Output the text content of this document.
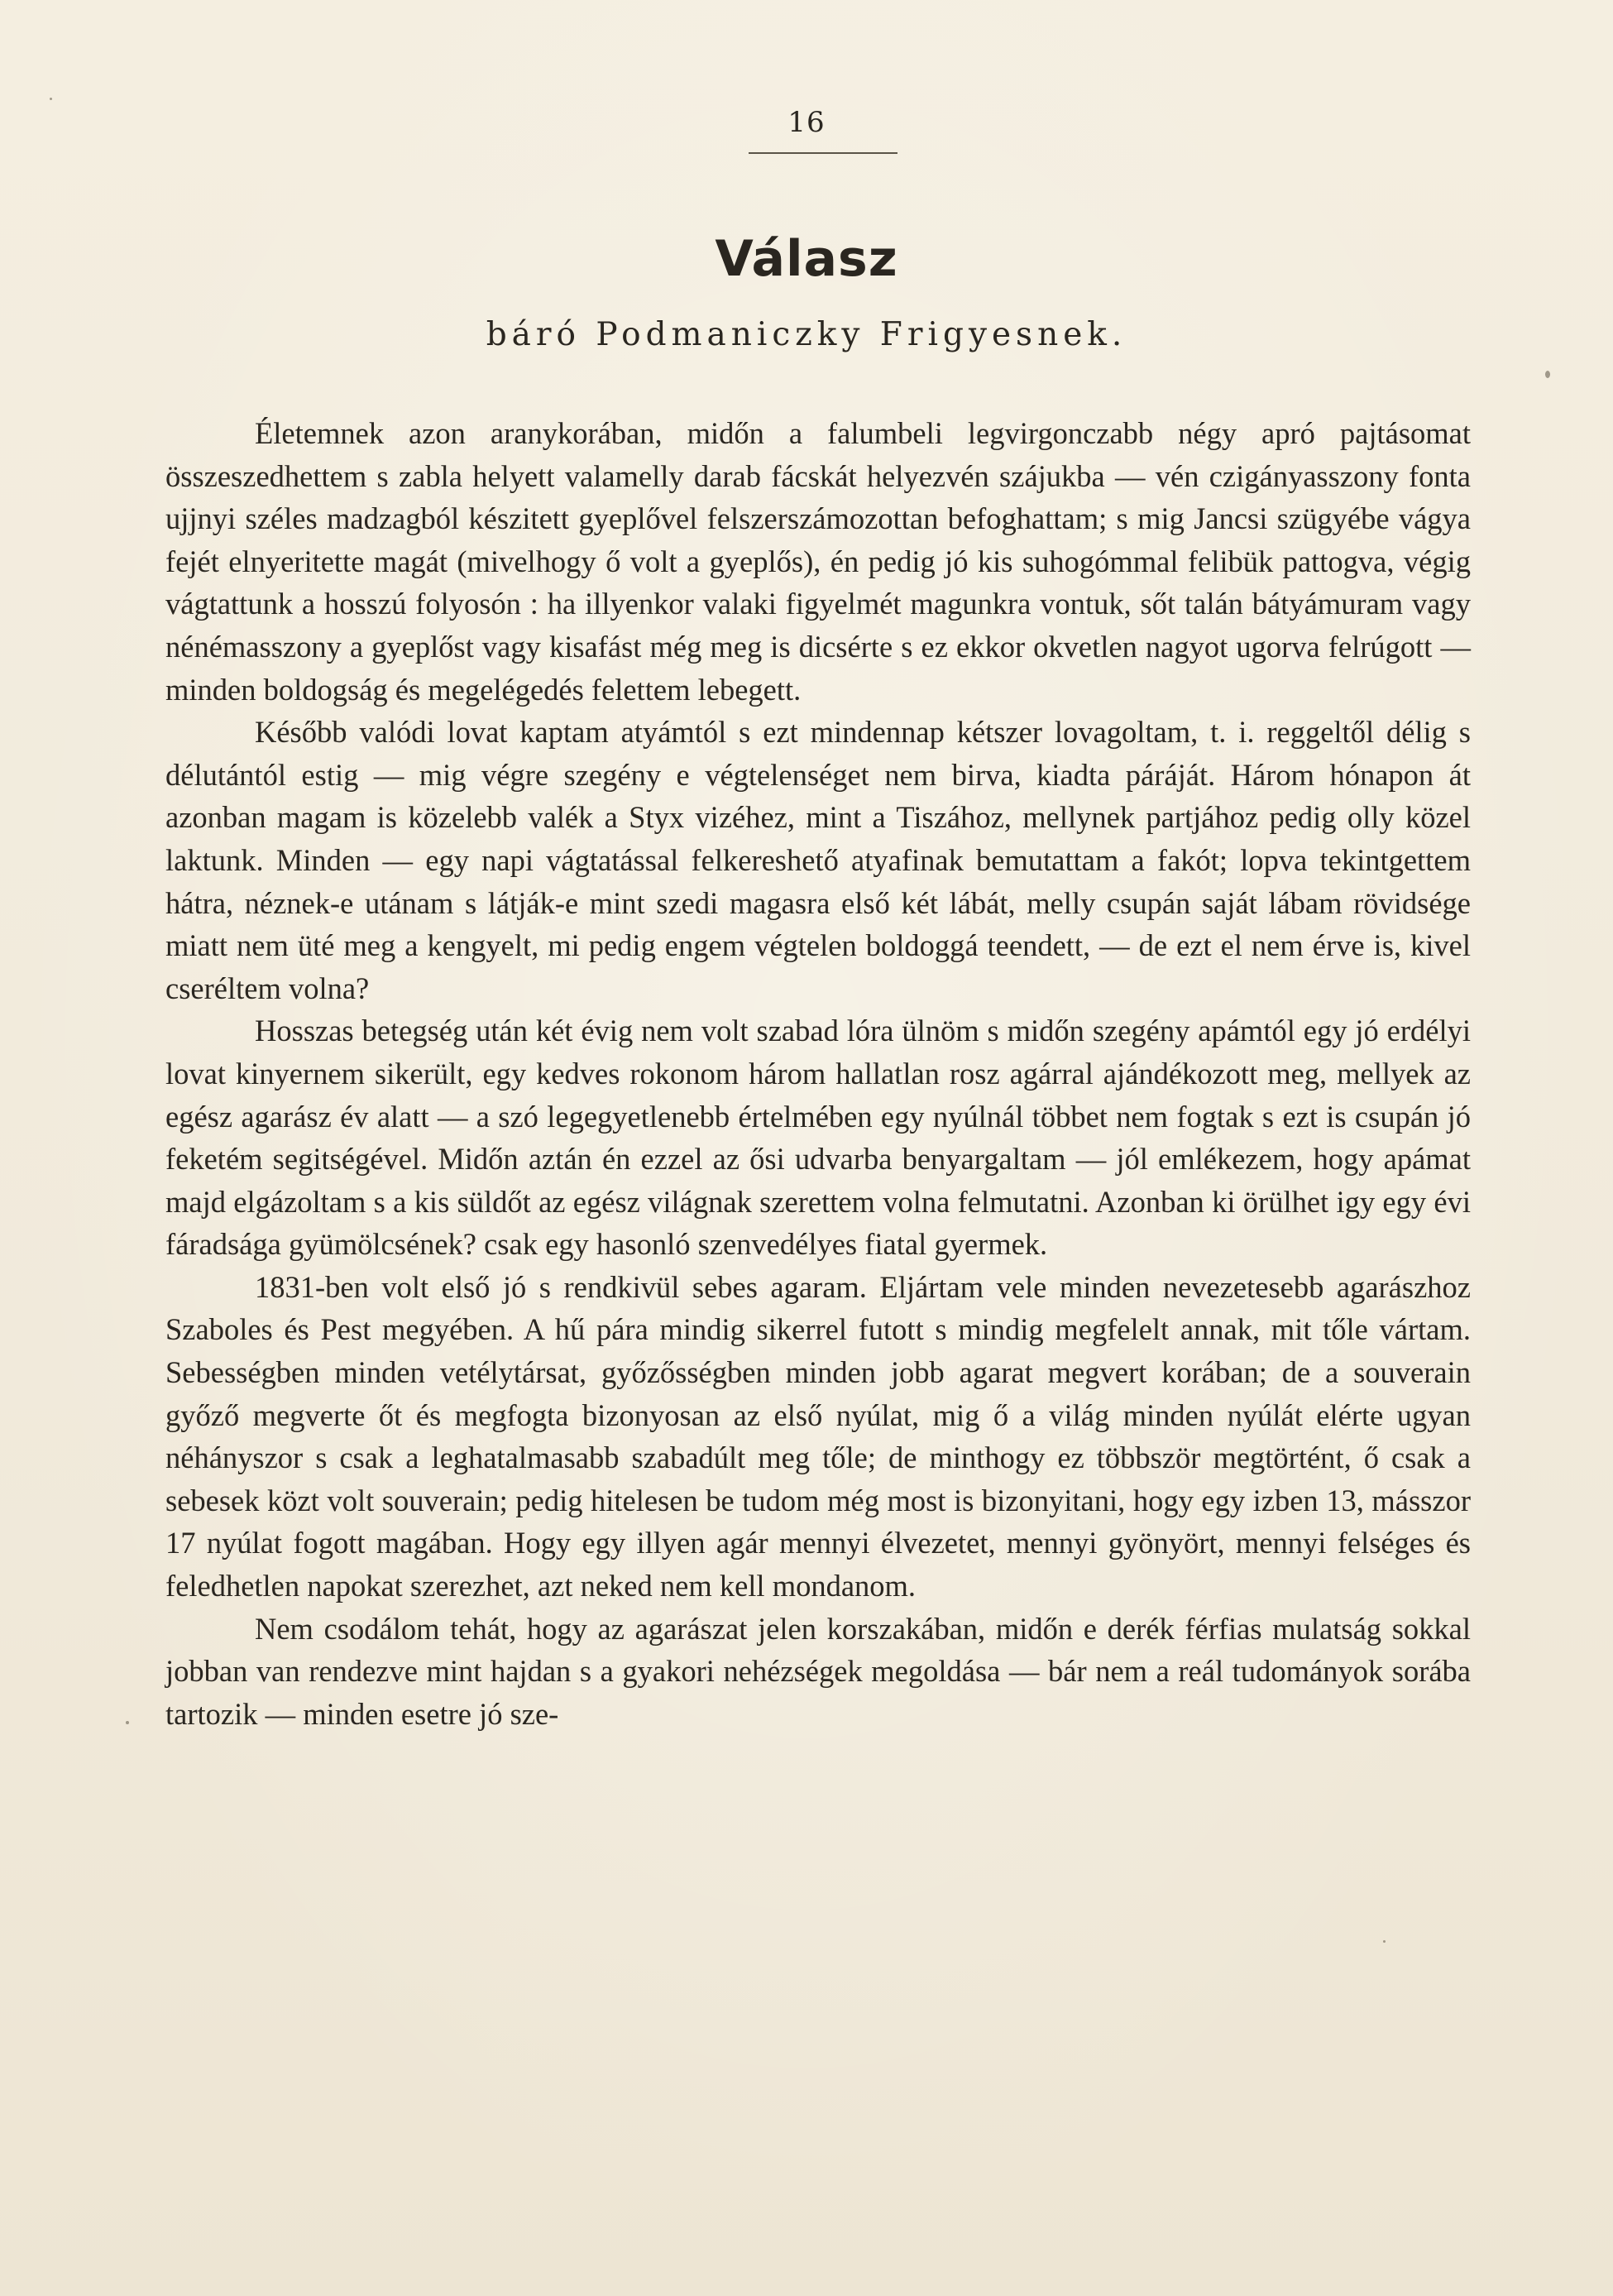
16
Válasz
báró Podmaniczky Frigyesnek.

Életemnek azon aranykorában, midőn a falumbeli legvirgonczabb négy apró pajtásomat összeszedhettem s zabla helyett valamelly darab fácskát helyezvén szájukba — vén czigányasszony fonta ujjnyi széles madzagból készitett gyeplővel felszerszámozottan befoghattam; s mig Jancsi szügyébe vágya fejét elnyeritette magát (mivelhogy ő volt a gyeplős), én pedig jó kis suhogómmal felibük pattogva, végig vágtattunk a hosszú folyosón : ha illyenkor valaki figyelmét magunkra vontuk, sőt talán bátyámuram vagy nénémasszony a gyeplőst vagy kisafást még meg is dicsérte s ez ekkor okvetlen nagyot ugorva felrúgott — minden boldogság és megelégedés felettem lebegett.

Később valódi lovat kaptam atyámtól s ezt mindennap kétszer lovagoltam, t. i. reggeltől délig s délutántól estig — mig végre szegény e végtelenséget nem birva, kiadta páráját. Három hónapon át azonban magam is közelebb valék a Styx vizéhez, mint a Tiszához, mellynek partjához pedig olly közel laktunk. Minden — egy napi vágtatással felkereshető atyafinak bemutattam a fakót; lopva tekintgettem hátra, néznek-e utánam s látják-e mint szedi magasra első két lábát, melly csupán saját lábam rövidsége miatt nem üté meg a kengyelt, mi pedig engem végtelen boldoggá teendett, — de ezt el nem érve is, kivel cseréltem volna?

Hosszas betegség után két évig nem volt szabad lóra ülnöm s midőn szegény apámtól egy jó erdélyi lovat kinyernem sikerült, egy kedves rokonom három hallatlan rosz agárral ajándékozott meg, mellyek az egész agarász év alatt — a szó legegyetlenebb értelmében egy nyúlnál többet nem fogtak s ezt is csupán jó feketém segitségével. Midőn aztán én ezzel az ősi udvarba benyargaltam — jól emlékezem, hogy apámat majd elgázoltam s a kis süldőt az egész világnak szerettem volna felmutatni. Azonban ki örülhet igy egy évi fáradsága gyümölcsének? csak egy hasonló szenvedélyes fiatal gyermek.

1831-ben volt első jó s rendkivül sebes agaram. Eljártam vele minden nevezetesebb agarászhoz Szaboles és Pest megyében. A hű pára mindig sikerrel futott s mindig megfelelt annak, mit tőle vártam. Sebességben minden vetélytársat, győzősségben minden jobb agarat megvert korában; de a souverain győző megverte őt és megfogta bizonyosan az első nyúlat, mig ő a világ minden nyúlát elérte ugyan néhányszor s csak a leghatalmasabb szabadúlt meg tőle; de minthogy ez többször megtörtént, ő csak a sebesek közt volt souverain; pedig hitelesen be tudom még most is bizonyitani, hogy egy izben 13, másszor 17 nyúlat fogott magában. Hogy egy illyen agár mennyi élvezetet, mennyi gyönyört, mennyi felséges és feledhetlen napokat szerezhet, azt neked nem kell mondanom.

Nem csodálom tehát, hogy az agarászat jelen korszakában, midőn e derék férfias mulatság sokkal jobban van rendezve mint hajdan s a gyakori nehézségek megoldása — bár nem a reál tudományok sorába tartozik — minden esetre jó sze-
